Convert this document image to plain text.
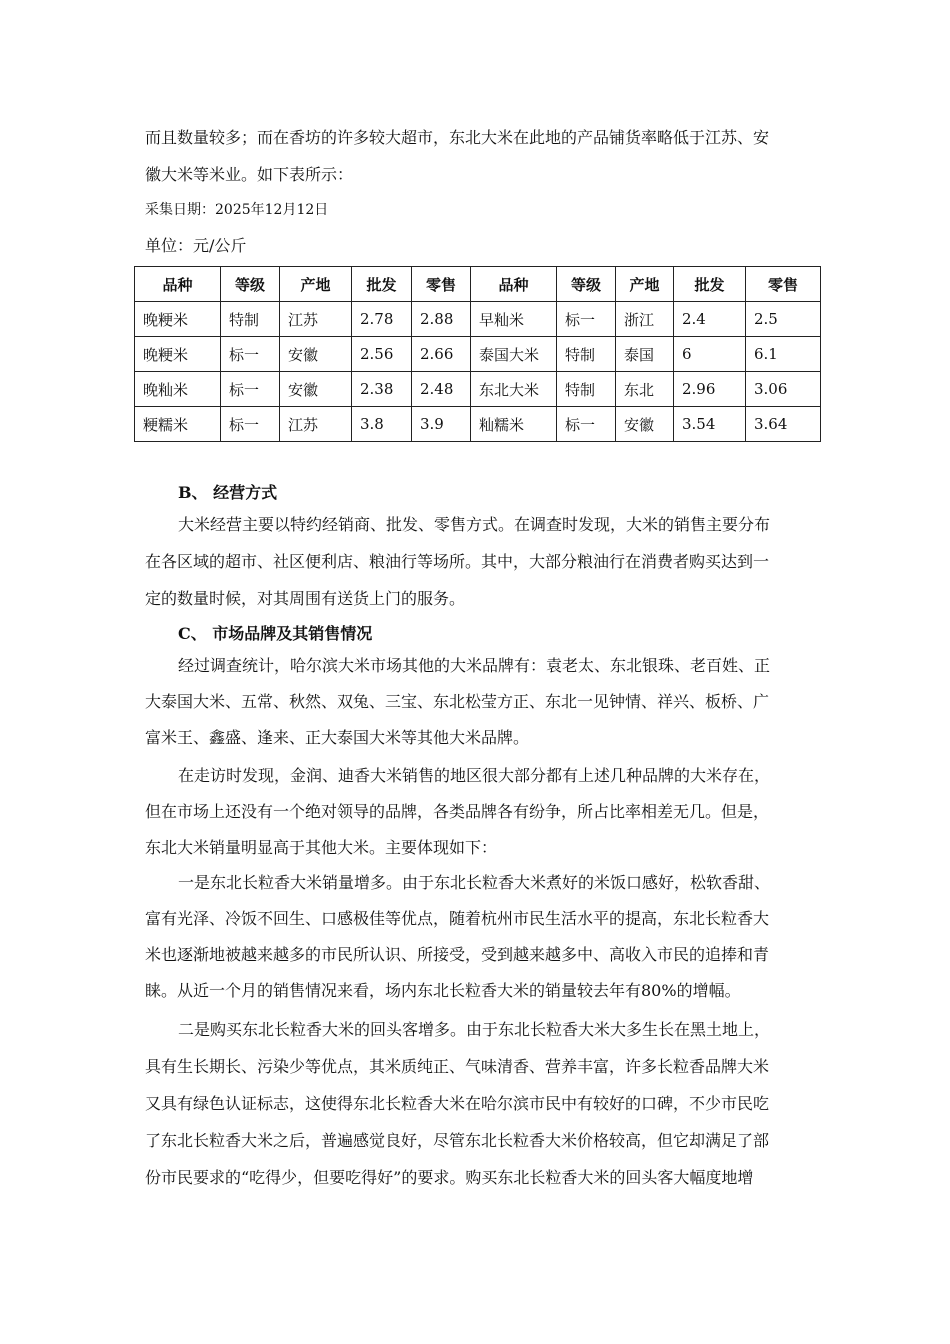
而且数量较多；而在香坊的许多较大超市，东北大米在此地的产品铺货率略低于江苏、安
徽大米等米业。如下表所示：
采集日期：2025年12月12日
单位：元/公斤
品种	等级	产地	批发	零售	品种	等级	产地	批发	零售
晚粳米	特制	江苏	2.78	2.88	早籼米	标一	浙江	2.4	2.5
晚粳米	标一	安徽	2.56	2.66	泰国大米	特制	泰国	6	6.1
晚籼米	标一	安徽	2.38	2.48	东北大米	特制	东北	2.96	3.06
粳糯米	标一	江苏	3.8	3.9	籼糯米	标一	安徽	3.54	3.64
B、 经营方式
大米经营主要以特约经销商、批发、零售方式。在调查时发现，大米的销售主要分布
在各区域的超市、社区便利店、粮油行等场所。其中，大部分粮油行在消费者购买达到一
定的数量时候，对其周围有送货上门的服务。
C、 市场品牌及其销售情况
经过调查统计，哈尔滨大米市场其他的大米品牌有：袁老太、东北银珠、老百姓、正
大泰国大米、五常、秋然、双兔、三宝、东北松莹方正、东北一见钟情、祥兴、板桥、广
富米王、鑫盛、逢来、正大泰国大米等其他大米品牌。
在走访时发现，金润、迪香大米销售的地区很大部分都有上述几种品牌的大米存在，
但在市场上还没有一个绝对领导的品牌，各类品牌各有纷争，所占比率相差无几。但是，
东北大米销量明显高于其他大米。主要体现如下：
一是东北长粒香大米销量增多。由于东北长粒香大米煮好的米饭口感好，松软香甜、
富有光泽、冷饭不回生、口感极佳等优点，随着杭州市民生活水平的提高，东北长粒香大
米也逐渐地被越来越多的市民所认识、所接受，受到越来越多中、高收入市民的追捧和青
睐。从近一个月的销售情况来看，场内东北长粒香大米的销量较去年有80%的增幅。
二是购买东北长粒香大米的回头客增多。由于东北长粒香大米大多生长在黑土地上，
具有生长期长、污染少等优点，其米质纯正、气味清香、营养丰富，许多长粒香品牌大米
又具有绿色认证标志，这使得东北长粒香大米在哈尔滨市民中有较好的口碑，不少市民吃
了东北长粒香大米之后，普遍感觉良好，尽管东北长粒香大米价格较高，但它却满足了部
份市民要求的“吃得少，但要吃得好”的要求。购买东北长粒香大米的回头客大幅度地增
